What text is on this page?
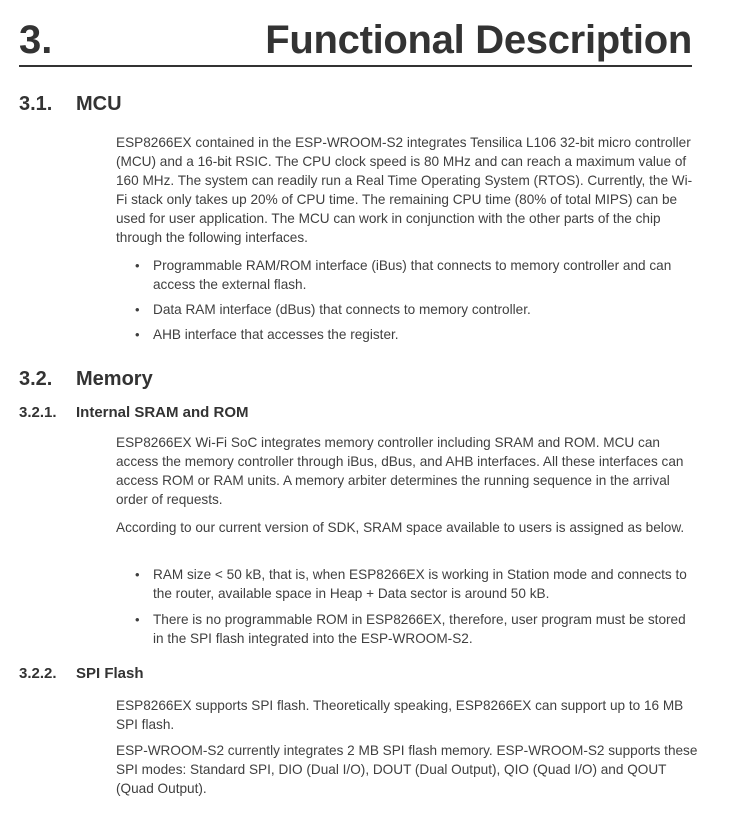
3.	Functional Description
3.1. MCU

ESP8266EX contained in the ESP-WROOM-S2 integrates Tensilica L106 32-bit micro controller (MCU) and a 16-bit RSIC. The CPU clock speed is 80 MHz and can reach a maximum value of 160 MHz. The system can readily run a Real Time Operating System (RTOS). Currently, the Wi-Fi stack only takes up 20% of CPU time. The remaining CPU time (80% of total MIPS) can be used for user application. The MCU can work in conjunction with the other parts of the chip through the following interfaces.

• Programmable RAM/ROM interface (iBus) that connects to memory controller and can access the external flash.
• Data RAM interface (dBus) that connects to memory controller.
• AHB interface that accesses the register.
3.2. Memory
3.2.1. Internal SRAM and ROM

ESP8266EX Wi-Fi SoC integrates memory controller including SRAM and ROM. MCU can access the memory controller through iBus, dBus, and AHB interfaces. All these interfaces can access ROM or RAM units. A memory arbiter determines the running sequence in the arrival order of requests.

According to our current version of SDK, SRAM space available to users is assigned as below.

• RAM size < 50 kB, that is, when ESP8266EX is working in Station mode and connects to the router, available space in Heap + Data sector is around 50 kB.
• There is no programmable ROM in ESP8266EX, therefore, user program must be stored in the SPI flash integrated into the ESP-WROOM-S2.
3.2.2. SPI Flash

ESP8266EX supports SPI flash. Theoretically speaking, ESP8266EX can support up to 16 MB SPI flash.

ESP-WROOM-S2 currently integrates 2 MB SPI flash memory. ESP-WROOM-S2 supports these SPI modes: Standard SPI, DIO (Dual I/O), DOUT (Dual Output), QIO (Quad I/O) and QOUT (Quad Output).
